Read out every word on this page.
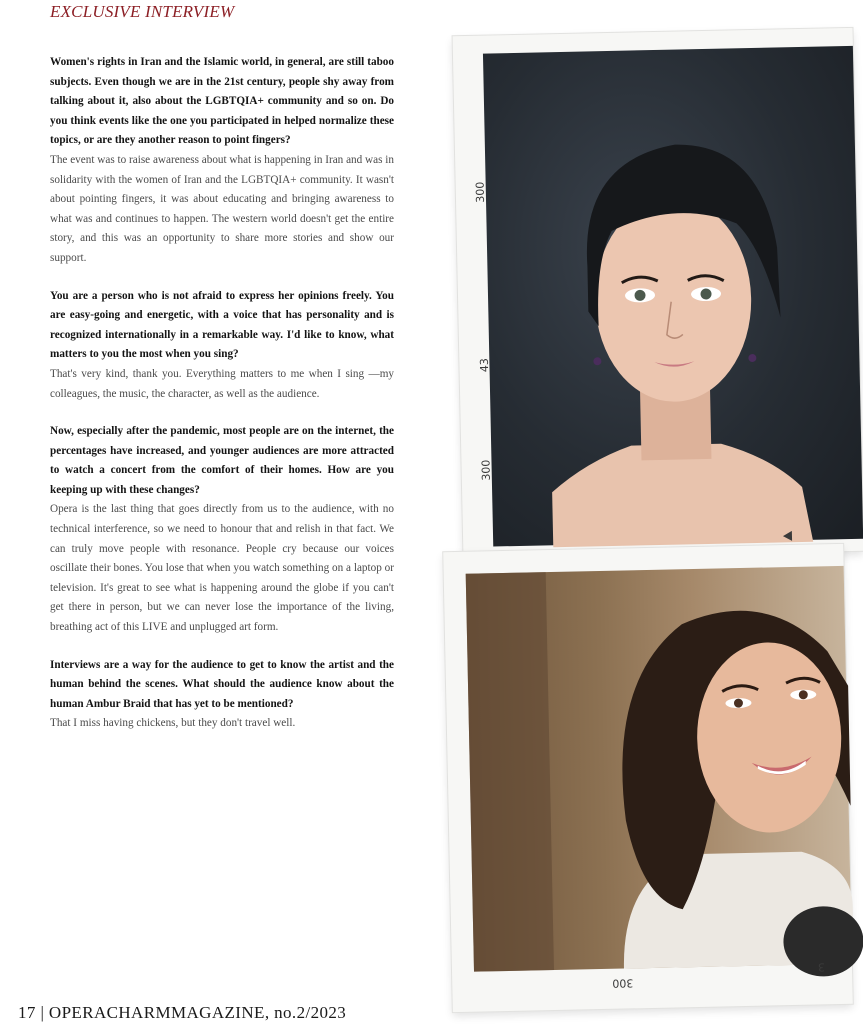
EXCLUSIVE INTERVIEW

Women's rights in Iran and the Islamic world, in general, are still taboo subjects. Even though we are in the 21st century, people shy away from talking about it, also about the LGBTQIA+ community and so on. Do you think events like the one you participated in helped normalize these topics, or are they another reason to point fingers?

The event was to raise awareness about what is happening in Iran and was in solidarity with the women of Iran and the LGBTQIA+ community. It wasn't about pointing fingers, it was about educating and bringing awareness to what was and continues to happen. The western world doesn't get the entire story, and this was an opportunity to share more stories and show our support.

You are a person who is not afraid to express her opinions freely. You are easy-going and energetic, with a voice that has personality and is recognized internationally in a remarkable way. I'd like to know, what matters to you the most when you sing?

That's very kind, thank you. Everything matters to me when I sing —my colleagues, the music, the character, as well as the audience.

Now, especially after the pandemic, most people are on the internet, the percentages have increased, and younger audiences are more attracted to watch a concert from the comfort of their homes. How are you keeping up with these changes?

Opera is the last thing that goes directly from us to the audience, with no technical interference, so we need to honour that and relish in that fact. We can truly move people with resonance. People cry because our voices oscillate their bones. You lose that when you watch something on a laptop or television. It's great to see what is happening around the globe if you can't get there in person, but we can never lose the importance of the living, breathing act of this LIVE and unplugged art form.

Interviews are a way for the audience to get to know the artist and the human behind the scenes. What should the audience know about the human Ambur Braid that has yet to be mentioned?

That I miss having chickens, but they don't travel well.

300
43
300
300
3
17 | OPERACHARMMAGAZINE, no.2/2023
